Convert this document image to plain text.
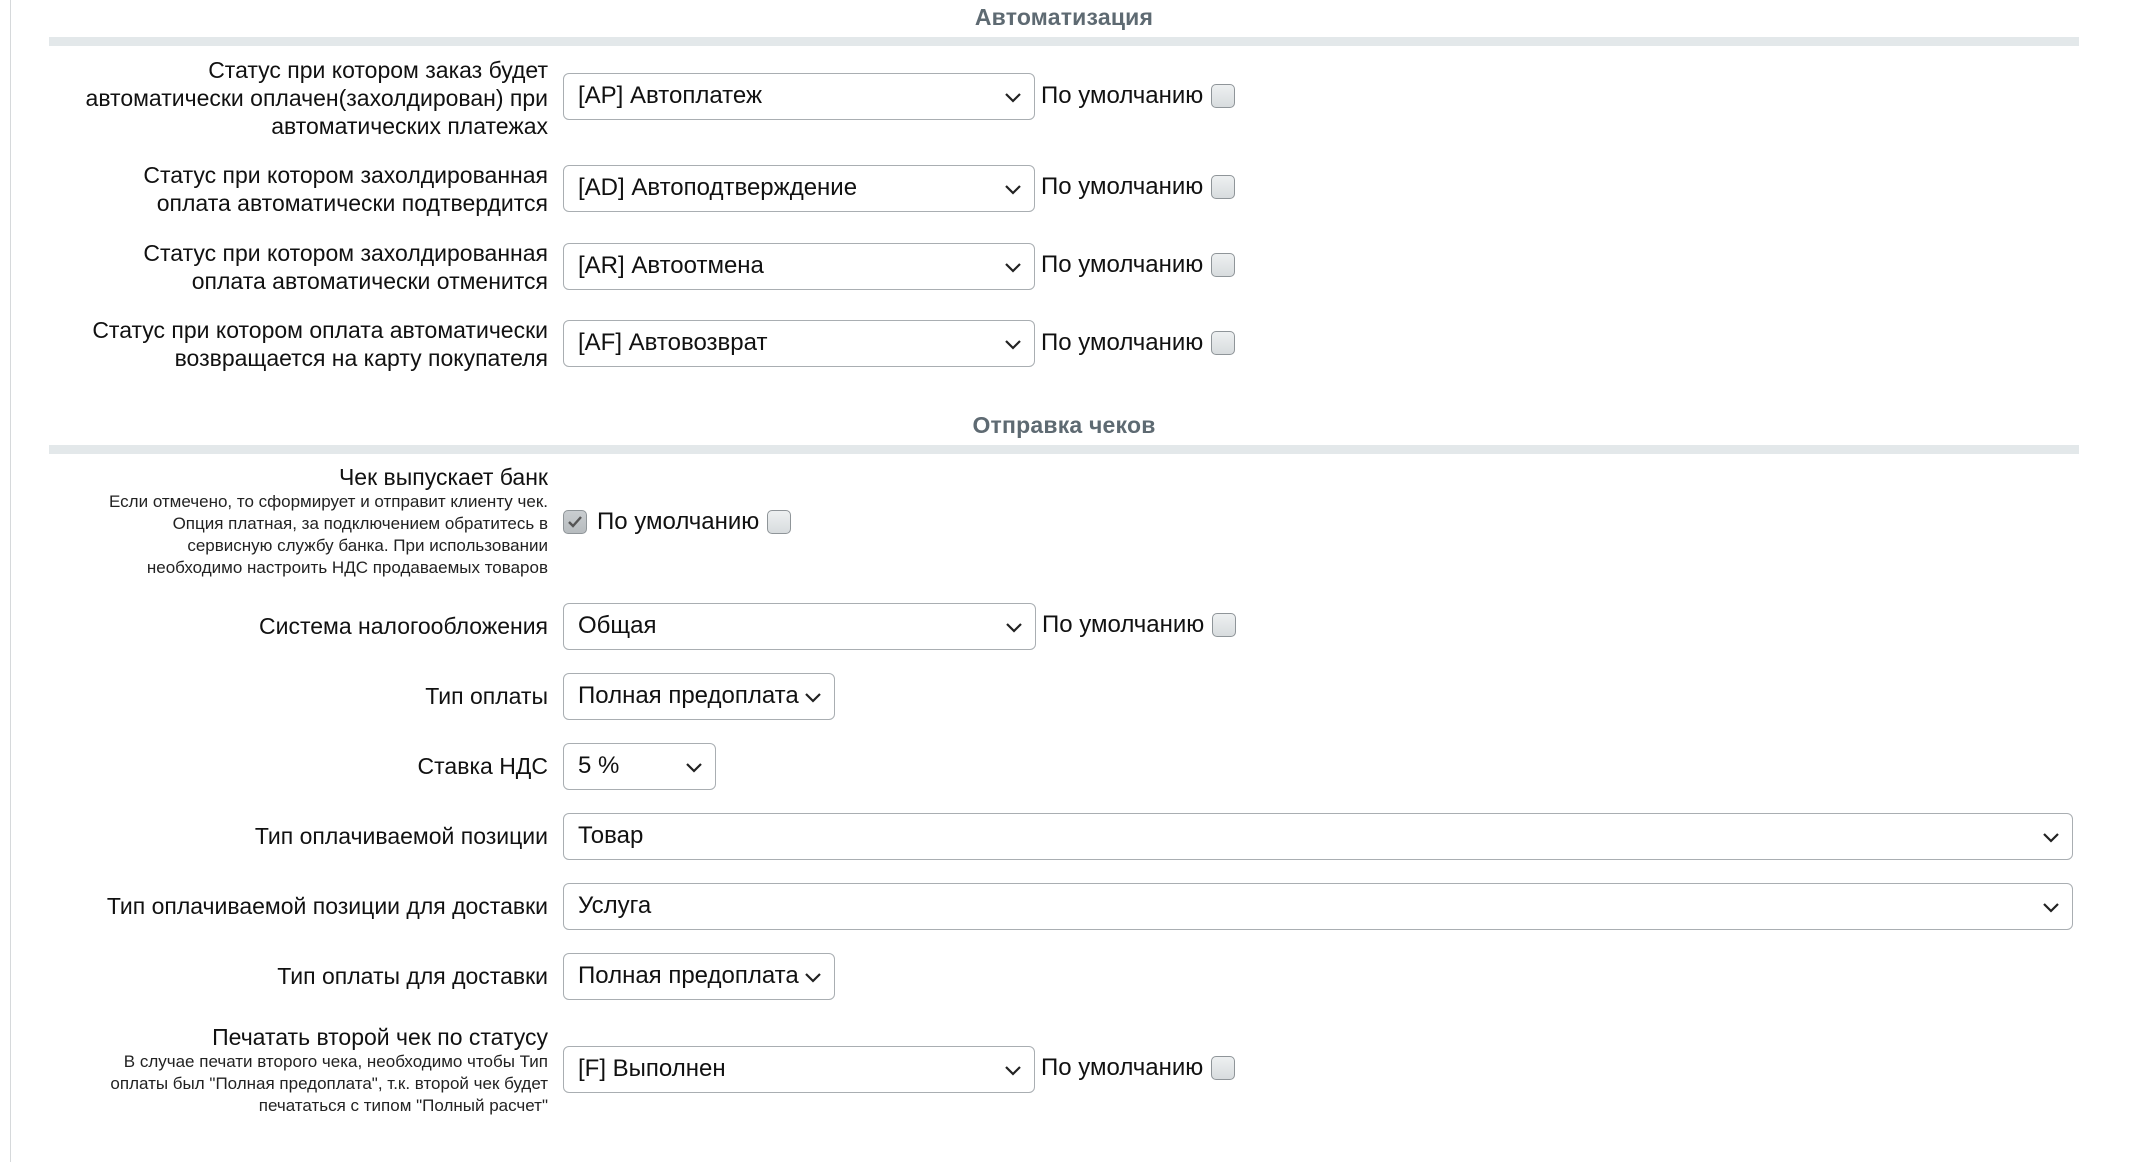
Автоматизация
Статус при котором заказ будет
автоматически оплачен(захолдирован) при
автоматических платежах
[AP] Автоплатеж	По умолчанию
Статус при котором захолдированная
оплата автоматически подтвердится
[AD] Автоподтверждение	По умолчанию
Статус при котором захолдированная
оплата автоматически отменится
[AR] Автоотмена	По умолчанию
Статус при котором оплата автоматически
возвращается на карту покупателя
[AF] Автовозврат	По умолчанию
Отправка чеков
Чек выпускает банк
Если отмечено, то сформирует и отправит клиенту чек.
Опция платная, за подключением обратитесь в
сервисную службу банка. При использовании
необходимо настроить НДС продаваемых товаров
По умолчанию
Система налогообложения	Общая	По умолчанию
Тип оплаты	Полная предоплата
Ставка НДС	5 %
Тип оплачиваемой позиции	Товар
Тип оплачиваемой позиции для доставки	Услуга
Тип оплаты для доставки	Полная предоплата
Печатать второй чек по статусу
В случае печати второго чека, необходимо чтобы Тип
оплаты был "Полная предоплата", т.к. второй чек будет
печататься с типом "Полный расчет"
[F] Выполнен	По умолчанию
